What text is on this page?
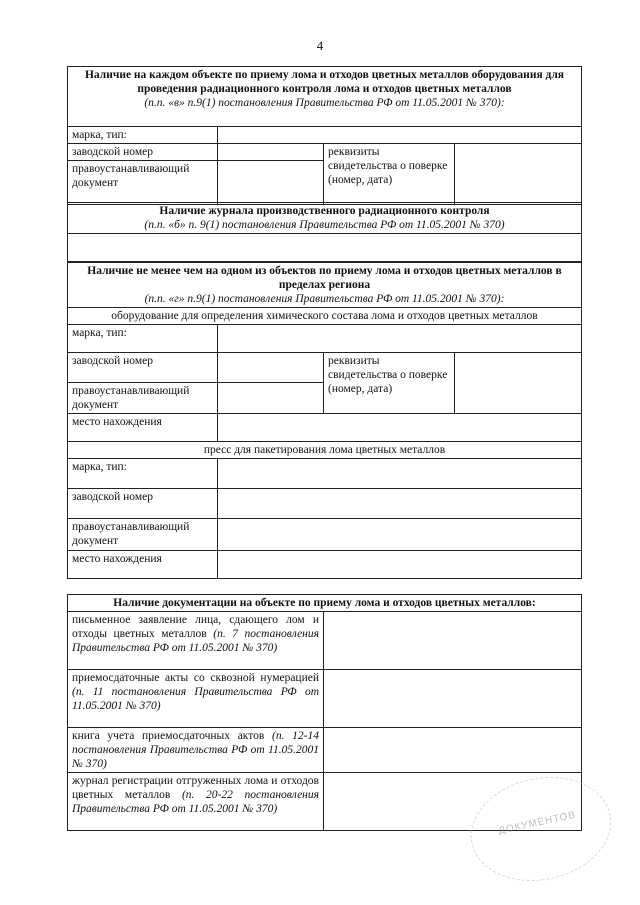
4
Наличие на каждом объекте по приему лома и отходов цветных металлов оборудования для проведения радиационного контроля лома и отходов цветных металлов
(п.п. «в» п.9(1) постановления Правительства РФ от 11.05.2001 № 370):			

марка, тип:			
заводской номер		реквизиты свидетельства о поверке (номер, дата)	
правоустанавливающий документ			
Наличие журнала производственного радиационного контроля
(п.п. «б» п. 9(1) постановления Правительства РФ от 11.05.2001 № 370)

Наличие не менее чем на одном из объектов по приему лома и отходов цветных металлов в пределах региона
(п.п. «г» п.9(1) постановления Правительства РФ от 11.05.2001 № 370):			

оборудование для определения химического состава лома и отходов цветных металлов			
марка, тип:			
заводской номер		реквизиты свидетельства о поверке (номер, дата)	
правоустанавливающий документ			
место нахождения			
пресс для пакетирования лома цветных металлов			
марка, тип:			
заводской номер			
правоустанавливающий документ			
место нахождения			
Наличие документации на объекте по приему лома и отходов цветных металлов:	
письменное заявление лица, сдающего лом и отходы цветных металлов (п. 7 постановления Правительства РФ от 11.05.2001 № 370)	
приемосдаточные акты со сквозной нумерацией (п. 11 постановления Правительства РФ от 11.05.2001 № 370)	
книга учета приемосдаточных актов (п. 12-14 постановления Правительства РФ от 11.05.2001 № 370)	
журнал регистрации отгруженных лома и отходов цветных металлов (п. 20-22 постановления Правительства РФ от 11.05.2001 № 370)	
ДОКУМЕНТОВ
